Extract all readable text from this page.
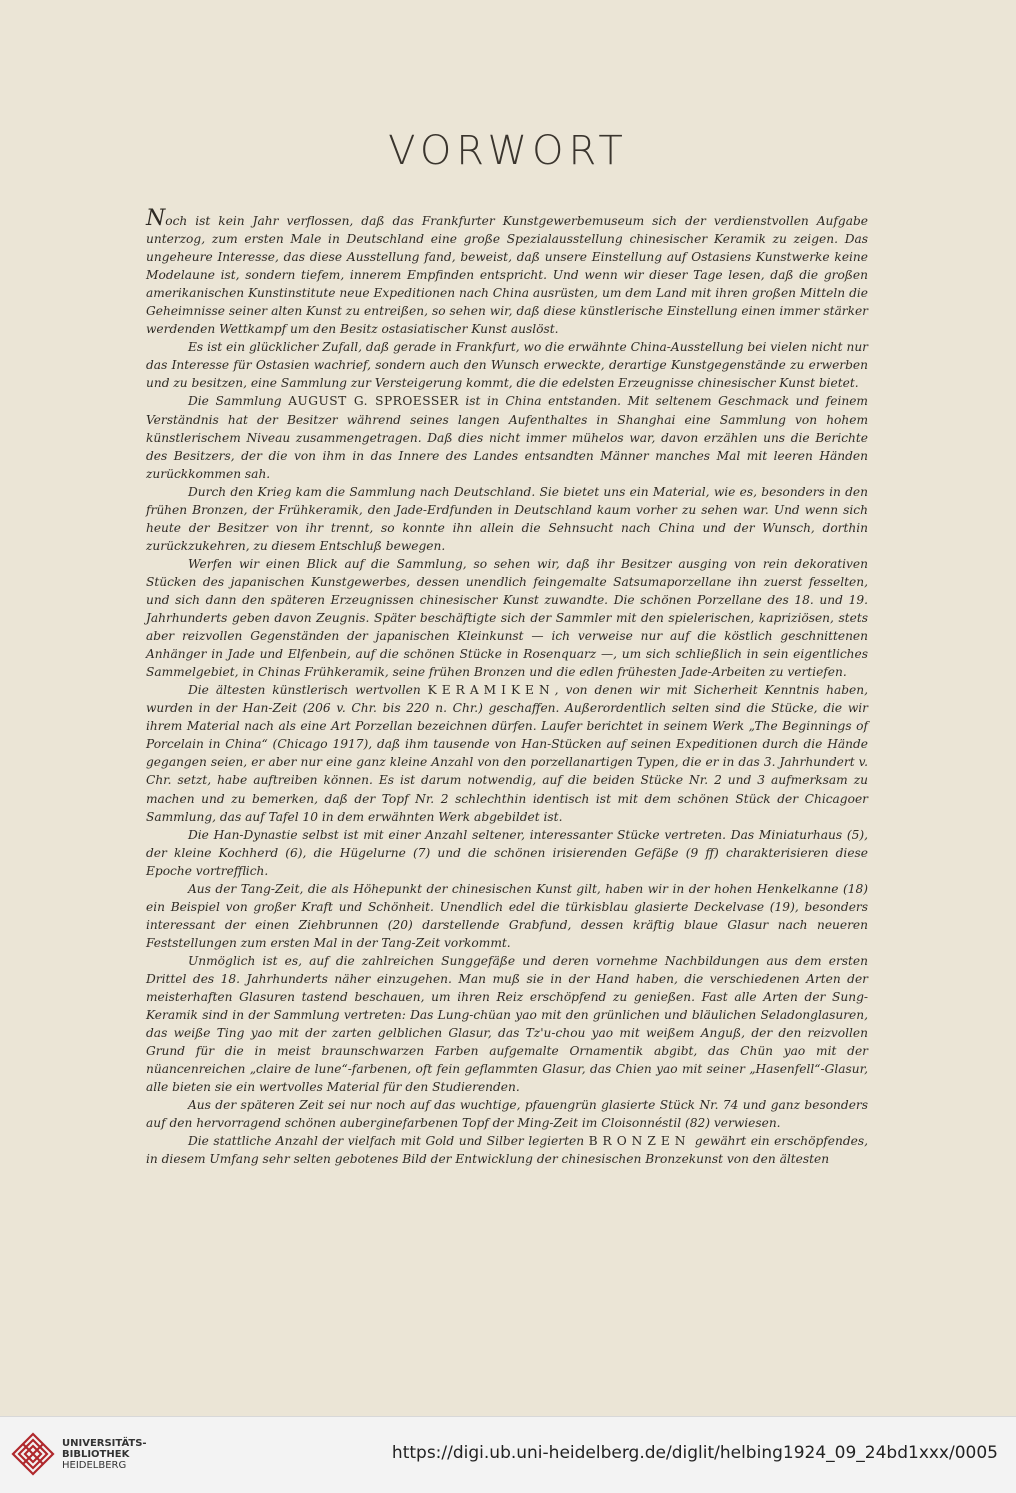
VORWORT

Noch ist kein Jahr verflossen, daß das Frankfurter Kunstgewerbemuseum sich der verdienstvollen Aufgabe unterzog, zum ersten Male in Deutschland eine große Spezialausstellung chinesischer Keramik zu zeigen. Das ungeheure Interesse, das diese Ausstellung fand, beweist, daß unsere Einstellung auf Ostasiens Kunstwerke keine Modelaune ist, sondern tiefem, innerem Empfinden entspricht. Und wenn wir dieser Tage lesen, daß die großen amerikanischen Kunstinstitute neue Expeditionen nach China ausrüsten, um dem Land mit ihren großen Mitteln die Geheimnisse seiner alten Kunst zu entreißen, so sehen wir, daß diese künstlerische Einstellung einen immer stärker werdenden Wettkampf um den Besitz ostasiatischer Kunst auslöst.

Es ist ein glücklicher Zufall, daß gerade in Frankfurt, wo die erwähnte China-Ausstellung bei vielen nicht nur das Interesse für Ostasien wachrief, sondern auch den Wunsch erweckte, derartige Kunstgegenstände zu erwerben und zu besitzen, eine Sammlung zur Versteigerung kommt, die die edelsten Erzeugnisse chinesischer Kunst bietet.

Die Sammlung AUGUST G. SPROESSER ist in China entstanden. Mit seltenem Geschmack und feinem Verständnis hat der Besitzer während seines langen Aufenthaltes in Shanghai eine Sammlung von hohem künstlerischem Niveau zusammengetragen. Daß dies nicht immer mühelos war, davon erzählen uns die Berichte des Besitzers, der die von ihm in das Innere des Landes entsandten Männer manches Mal mit leeren Händen zurückkommen sah.

Durch den Krieg kam die Sammlung nach Deutschland. Sie bietet uns ein Material, wie es, besonders in den frühen Bronzen, der Frühkeramik, den Jade-Erdfunden in Deutschland kaum vorher zu sehen war. Und wenn sich heute der Besitzer von ihr trennt, so konnte ihn allein die Sehnsucht nach China und der Wunsch, dorthin zurückzukehren, zu diesem Entschluß bewegen.

Werfen wir einen Blick auf die Sammlung, so sehen wir, daß ihr Besitzer ausging von rein dekorativen Stücken des japanischen Kunstgewerbes, dessen unendlich feingemalte Satsumaporzellane ihn zuerst fesselten, und sich dann den späteren Erzeugnissen chinesischer Kunst zuwandte. Die schönen Porzellane des 18. und 19. Jahrhunderts geben davon Zeugnis. Später beschäftigte sich der Sammler mit den spielerischen, kapriziösen, stets aber reizvollen Gegenständen der japanischen Kleinkunst — ich verweise nur auf die köstlich geschnittenen Anhänger in Jade und Elfenbein, auf die schönen Stücke in Rosenquarz —, um sich schließlich in sein eigentliches Sammelgebiet, in Chinas Frühkeramik, seine frühen Bronzen und die edlen frühesten Jade-Arbeiten zu vertiefen.

Die ältesten künstlerisch wertvollen KERAMIKEN, von denen wir mit Sicherheit Kenntnis haben, wurden in der Han-Zeit (206 v. Chr. bis 220 n. Chr.) geschaffen. Außerordentlich selten sind die Stücke, die wir ihrem Material nach als eine Art Porzellan bezeichnen dürfen. Laufer berichtet in seinem Werk „The Beginnings of Porcelain in China“ (Chicago 1917), daß ihm tausende von Han-Stücken auf seinen Expeditionen durch die Hände gegangen seien, er aber nur eine ganz kleine Anzahl von den porzellanartigen Typen, die er in das 3. Jahrhundert v. Chr. setzt, habe auftreiben können. Es ist darum notwendig, auf die beiden Stücke Nr. 2 und 3 aufmerksam zu machen und zu bemerken, daß der Topf Nr. 2 schlechthin identisch ist mit dem schönen Stück der Chicagoer Sammlung, das auf Tafel 10 in dem erwähnten Werk abgebildet ist.

Die Han-Dynastie selbst ist mit einer Anzahl seltener, interessanter Stücke vertreten. Das Miniaturhaus (5), der kleine Kochherd (6), die Hügelurne (7) und die schönen irisierenden Gefäße (9 ff) charakterisieren diese Epoche vortrefflich.

Aus der Tang-Zeit, die als Höhepunkt der chinesischen Kunst gilt, haben wir in der hohen Henkelkanne (18) ein Beispiel von großer Kraft und Schönheit. Unendlich edel die türkisblau glasierte Deckelvase (19), besonders interessant der einen Ziehbrunnen (20) darstellende Grabfund, dessen kräftig blaue Glasur nach neueren Feststellungen zum ersten Mal in der Tang-Zeit vorkommt.

Unmöglich ist es, auf die zahlreichen Sunggefäße und deren vornehme Nachbildungen aus dem ersten Drittel des 18. Jahrhunderts näher einzugehen. Man muß sie in der Hand haben, die verschiedenen Arten der meisterhaften Glasuren tastend beschauen, um ihren Reiz erschöpfend zu genießen. Fast alle Arten der Sung-Keramik sind in der Sammlung vertreten: Das Lung-chüan yao mit den grünlichen und bläulichen Seladonglasuren, das weiße Ting yao mit der zarten gelblichen Glasur, das Tz'u-chou yao mit weißem Anguß, der den reizvollen Grund für die in meist braunschwarzen Farben aufgemalte Ornamentik abgibt, das Chün yao mit der nüancenreichen „claire de lune“-farbenen, oft fein geflammten Glasur, das Chien yao mit seiner „Hasenfell“-Glasur, alle bieten sie ein wertvolles Material für den Studierenden.

Aus der späteren Zeit sei nur noch auf das wuchtige, pfauengrün glasierte Stück Nr. 74 und ganz besonders auf den hervorragend schönen auberginefarbenen Topf der Ming-Zeit im Cloisonnéstil (82) verwiesen.

Die stattliche Anzahl der vielfach mit Gold und Silber legierten BRONZEN gewährt ein erschöpfendes, in diesem Umfang sehr selten gebotenes Bild der Entwicklung der chinesischen Bronzekunst von den ältesten

UNIVERSITÄTS-
BIBLIOTHEK
HEIDELBERG
https://digi.ub.uni-heidelberg.de/diglit/helbing1924_09_24bd1xxx/0005
